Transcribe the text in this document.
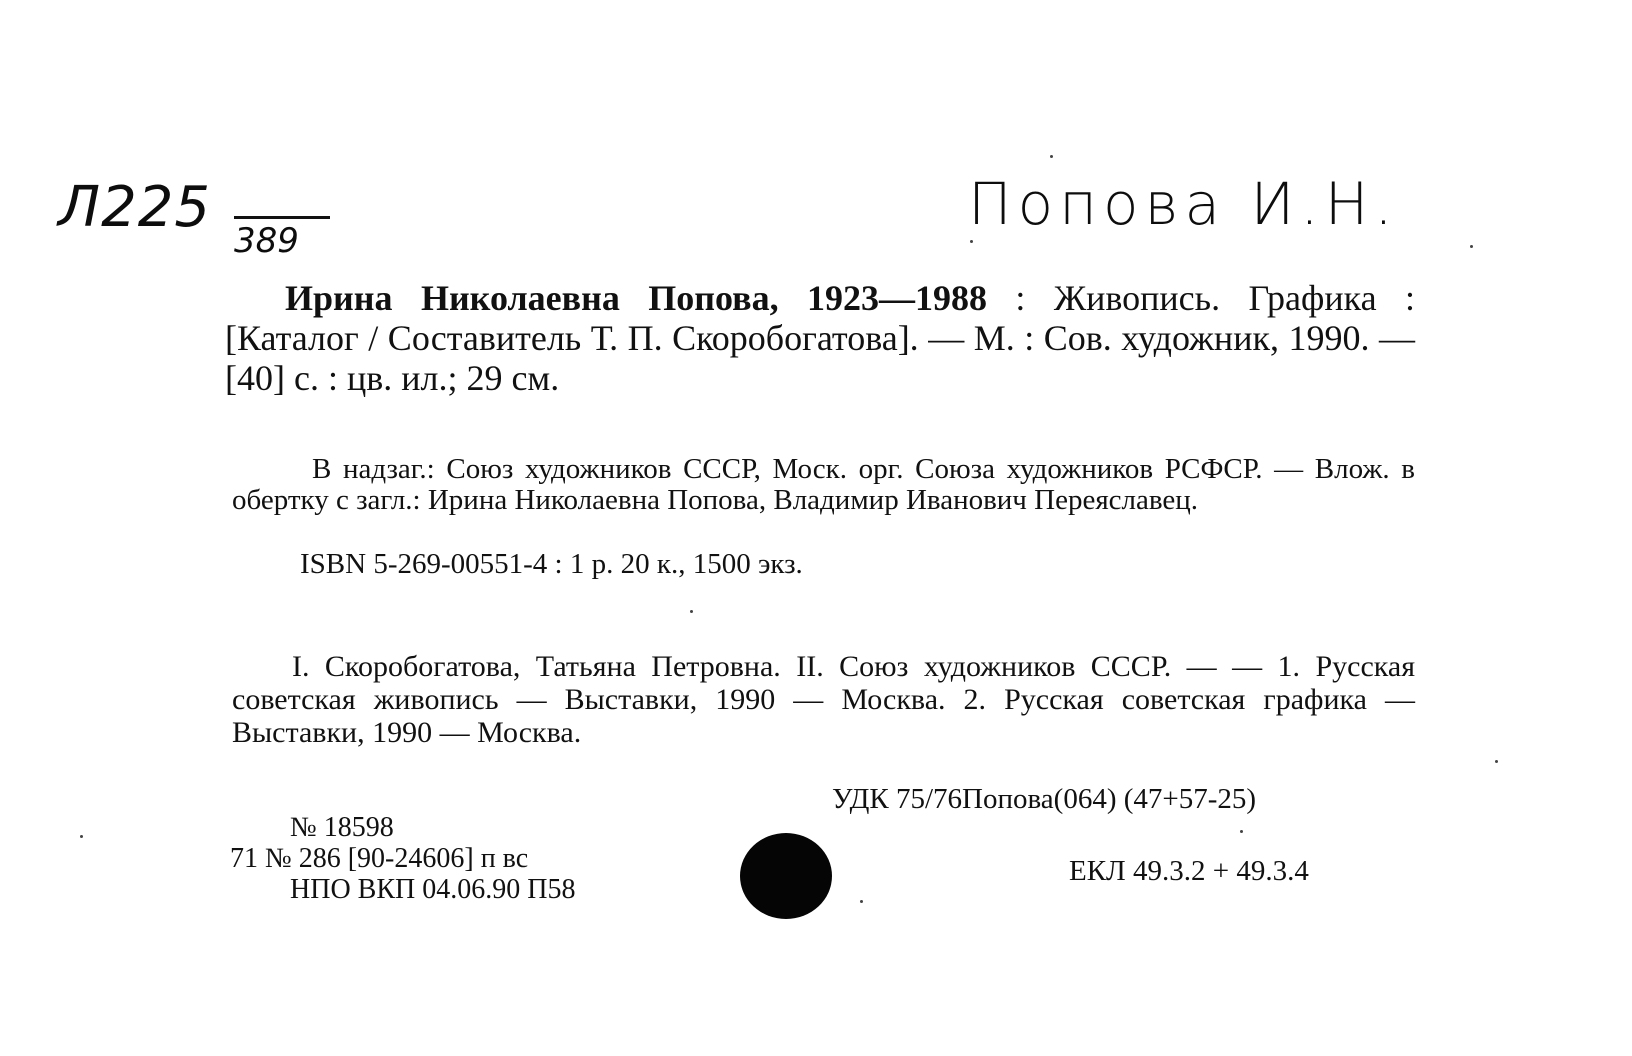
Л225
389
Попова И.Н.

Ирина Николаевна Попова, 1923—1988 : Живопись. Графика : [Каталог / Составитель Т. П. Скоробогатова]. — М. : Сов. художник, 1990. — [40] с. : цв. ил.; 29 см.

В надзаг.: Союз художников СССР, Моск. орг. Союза художников РСФСР. — Влож. в обертку с загл.: Ирина Николаевна Попова, Владимир Иванович Переяславец.

ISBN 5-269-00551-4 : 1 р. 20 к., 1500 экз.

I. Скоробогатова, Татьяна Петровна. II. Союз художников СССР. — — 1. Русская советская живопись — Выставки, 1990 — Москва. 2. Русская советская графика — Выставки, 1990 — Москва.

УДК 75/76Попова(064) (47+57-25)

ЕКЛ 49.3.2 + 49.3.4

№ 18598
71 № 286 [90-24606] п вс
НПО ВКП 04.06.90 П58
